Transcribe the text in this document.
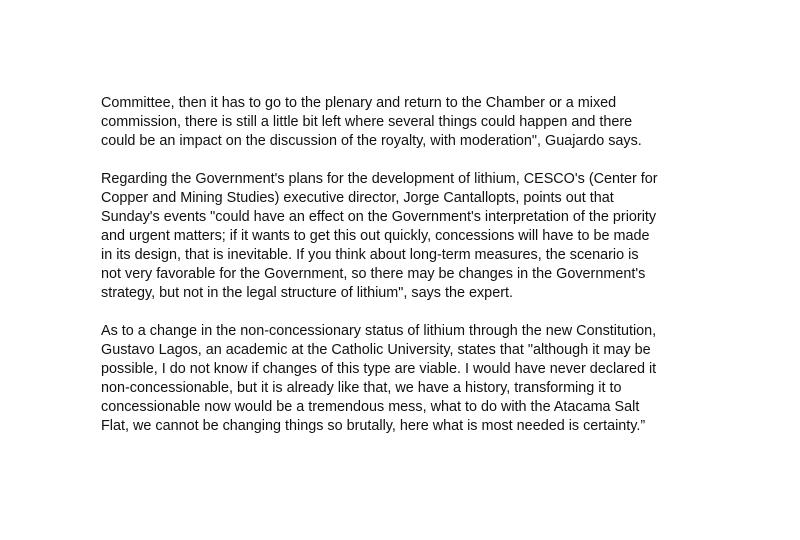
Committee, then it has to go to the plenary and return to the Chamber or a mixed
commission, there is still a little bit left where several things could happen and there
could be an impact on the discussion of the royalty, with moderation", Guajardo says.

Regarding the Government's plans for the development of lithium, CESCO's (Center for
Copper and Mining Studies) executive director, Jorge Cantallopts, points out that
Sunday's events "could have an effect on the Government's interpretation of the priority
and urgent matters; if it wants to get this out quickly, concessions will have to be made
in its design, that is inevitable. If you think about long-term measures, the scenario is
not very favorable for the Government, so there may be changes in the Government's
strategy, but not in the legal structure of lithium", says the expert.

As to a change in the non-concessionary status of lithium through the new Constitution,
Gustavo Lagos, an academic at the Catholic University, states that "although it may be
possible, I do not know if changes of this type are viable. I would have never declared it
non-concessionable, but it is already like that, we have a history, transforming it to
concessionable now would be a tremendous mess, what to do with the Atacama Salt
Flat, we cannot be changing things so brutally, here what is most needed is certainty.”
